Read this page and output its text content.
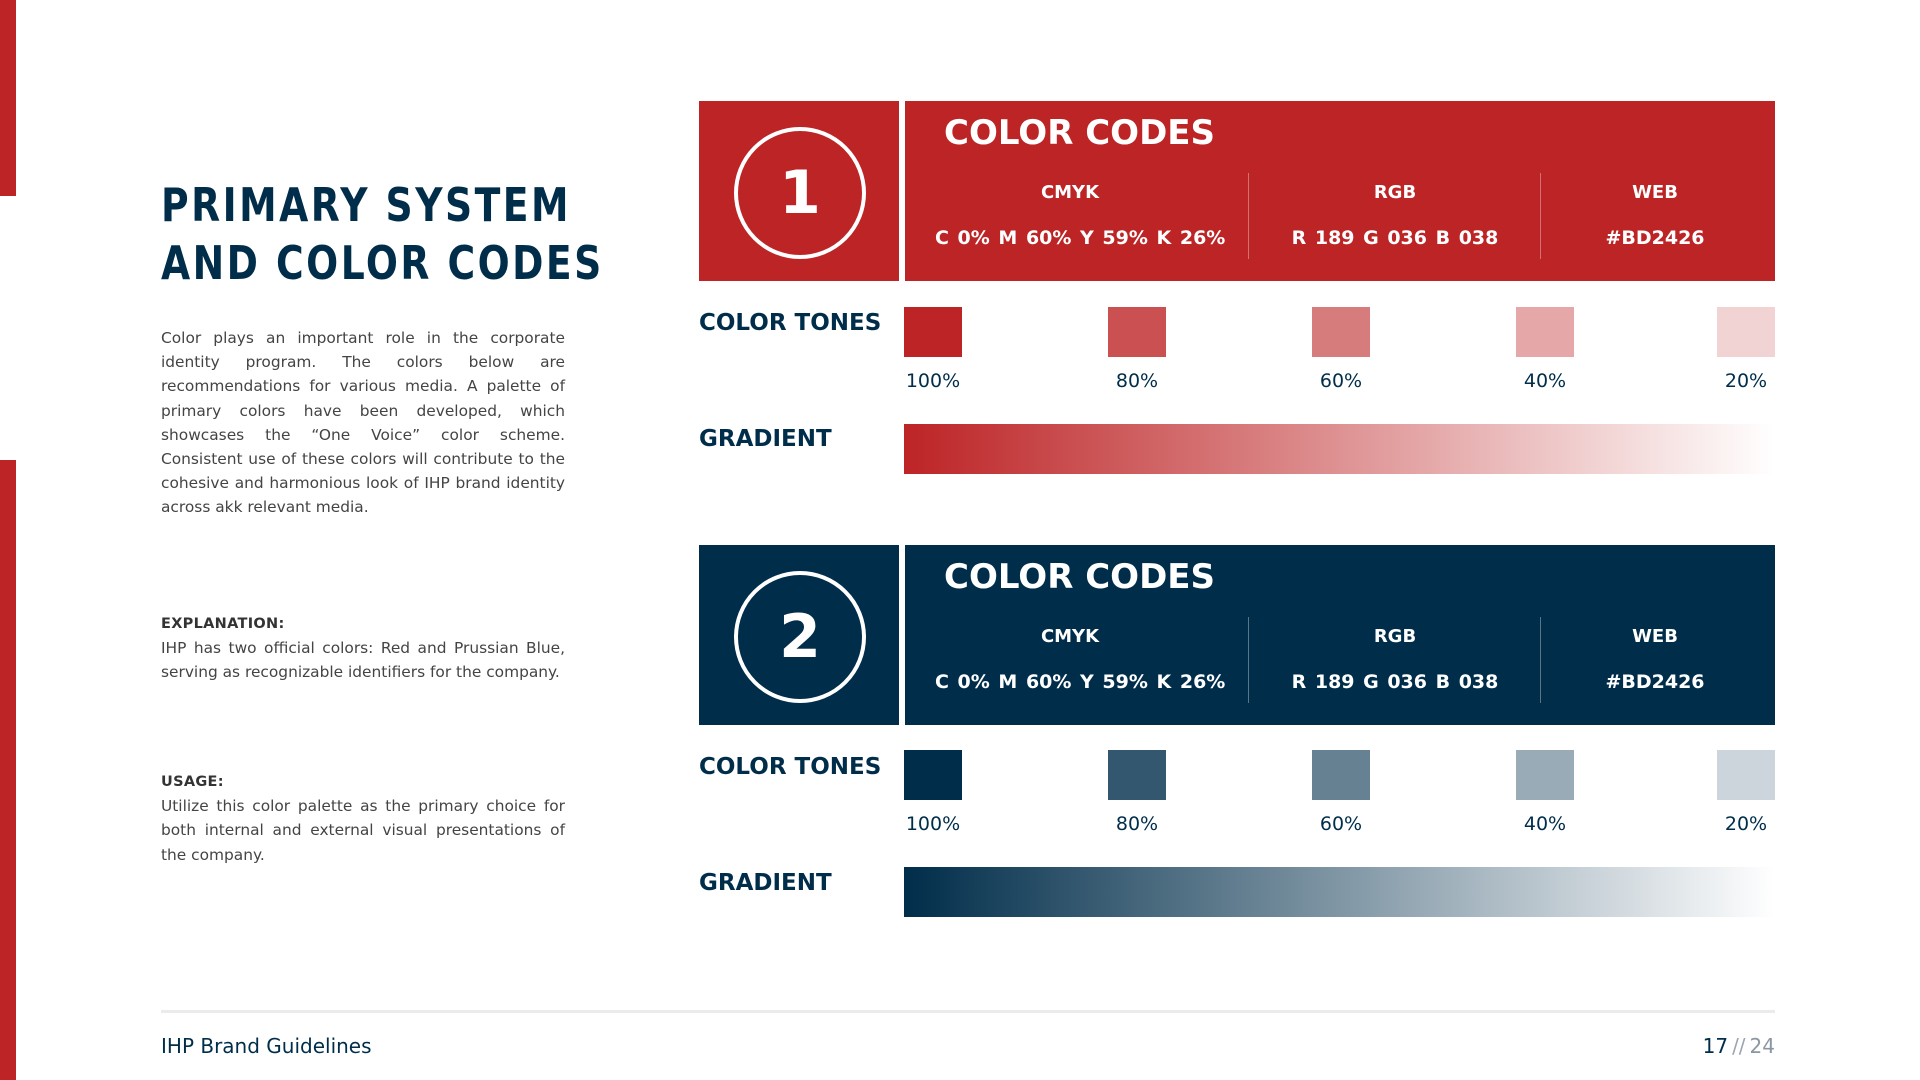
PRIMARY SYSTEM AND COLOR CODES

Color plays an important role in the corporate identity program. The colors below are recommendations for various media. A palette of primary colors have been developed, which showcases the “One Voice” color scheme. Consistent use of these colors will contribute to the cohesive and harmonious look of IHP brand identity across akk relevant media.

EXPLANATION:

IHP has two official colors: Red and Prussian Blue, serving as recognizable identifiers for the company.

USAGE:

Utilize this color palette as the primary choice for both internal and external visual presentations of the company.

1
COLOR CODES
CMYK
C 0% M 60% Y 59% K 26%
RGB
R 189 G 036 B 038
WEB
#BD2426
COLOR TONES
100%	80%	60%	40%	20%
GRADIENT
2
COLOR CODES
CMYK
C 0% M 60% Y 59% K 26%
RGB
R 189 G 036 B 038
WEB
#BD2426
COLOR TONES
100%	80%	60%	40%	20%
GRADIENT
IHP Brand Guidelines	17 // 24
